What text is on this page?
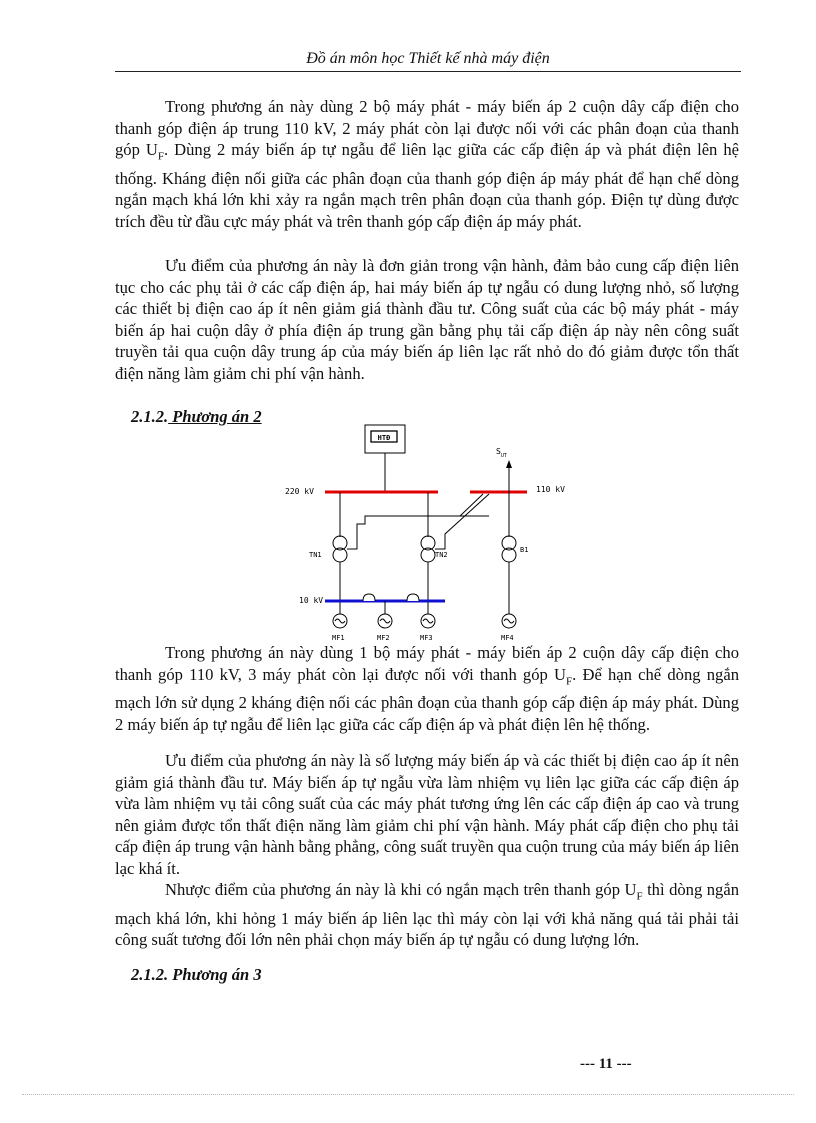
Đồ án môn học Thiết kế nhà máy điện

Trong phương án này dùng 2 bộ máy phát - máy biến áp 2 cuộn dây cấp điện cho thanh góp điện áp trung 110 kV, 2 máy phát còn lại được nối với các phân đoạn của thanh góp $U_F$. Dùng 2 máy biến áp tự ngẫu để liên lạc giữa các cấp điện áp và phát điện lên hệ thống. Kháng điện nối giữa các phân đoạn của thanh góp điện áp máy phát để hạn chế dòng ngắn mạch khá lớn khi xảy ra ngắn mạch trên phân đoạn của thanh góp. Điện tự dùng được trích đều từ đầu cực máy phát và trên thanh góp cấp điện áp máy phát.

Ưu điểm của phương án này là đơn giản trong vận hành, đảm bảo cung cấp điện liên tục cho các phụ tải ở các cấp điện áp, hai máy biến áp tự ngẫu có dung lượng nhỏ, số lượng các thiết bị điện cao áp ít nên giảm giá thành đầu tư. Công suất của các bộ máy phát - máy biến áp hai cuộn dây ở phía điện áp trung gần bằng phụ tải cấp điện áp này nên công suất truyền tải qua cuộn dây trung áp của máy biến áp liên lạc rất nhỏ do đó giảm được tổn thất điện năng làm giảm chi phí vận hành.

2.1.2. Phương án 2

HTĐ
220 kV	110 kV
$S_{UT}$
TN1	TN2
B1
10 kV
MF1	MF2	MF3	MF4

Trong phương án này dùng 1 bộ máy phát - máy biến áp 2 cuộn dây cấp điện cho thanh góp 110 kV, 3 máy phát còn lại được nối với thanh góp $U_F$. Để hạn chế dòng ngắn mạch lớn sử dụng 2 kháng điện nối các phân đoạn của thanh góp cấp điện áp máy phát. Dùng 2 máy biến áp tự ngẫu để liên lạc giữa các cấp điện áp và phát điện lên hệ thống.

Ưu điểm của phương án này là số lượng máy biến áp và các thiết bị điện cao áp ít nên giảm giá thành đầu tư. Máy biến áp tự ngẫu vừa làm nhiệm vụ liên lạc giữa các cấp điện áp vừa làm nhiệm vụ tải công suất của các máy phát tương ứng lên các cấp điện áp cao và trung nên giảm được tổn thất điện năng làm giảm chi phí vận hành. Máy phát cấp điện cho phụ tải cấp điện áp trung vận hành bằng phẳng, công suất truyền qua cuộn trung của máy biến áp liên lạc khá ít.

Nhược điểm của phương án này là khi có ngắn mạch trên thanh góp $U_F$ thì dòng ngắn mạch khá lớn, khi hỏng 1 máy biến áp liên lạc thì máy còn lại với khả năng quá tải phải tải công suất tương đối lớn nên phải chọn máy biến áp tự ngẫu có dung lượng lớn.

2.1.2. Phương án 3

--- 11 ---
